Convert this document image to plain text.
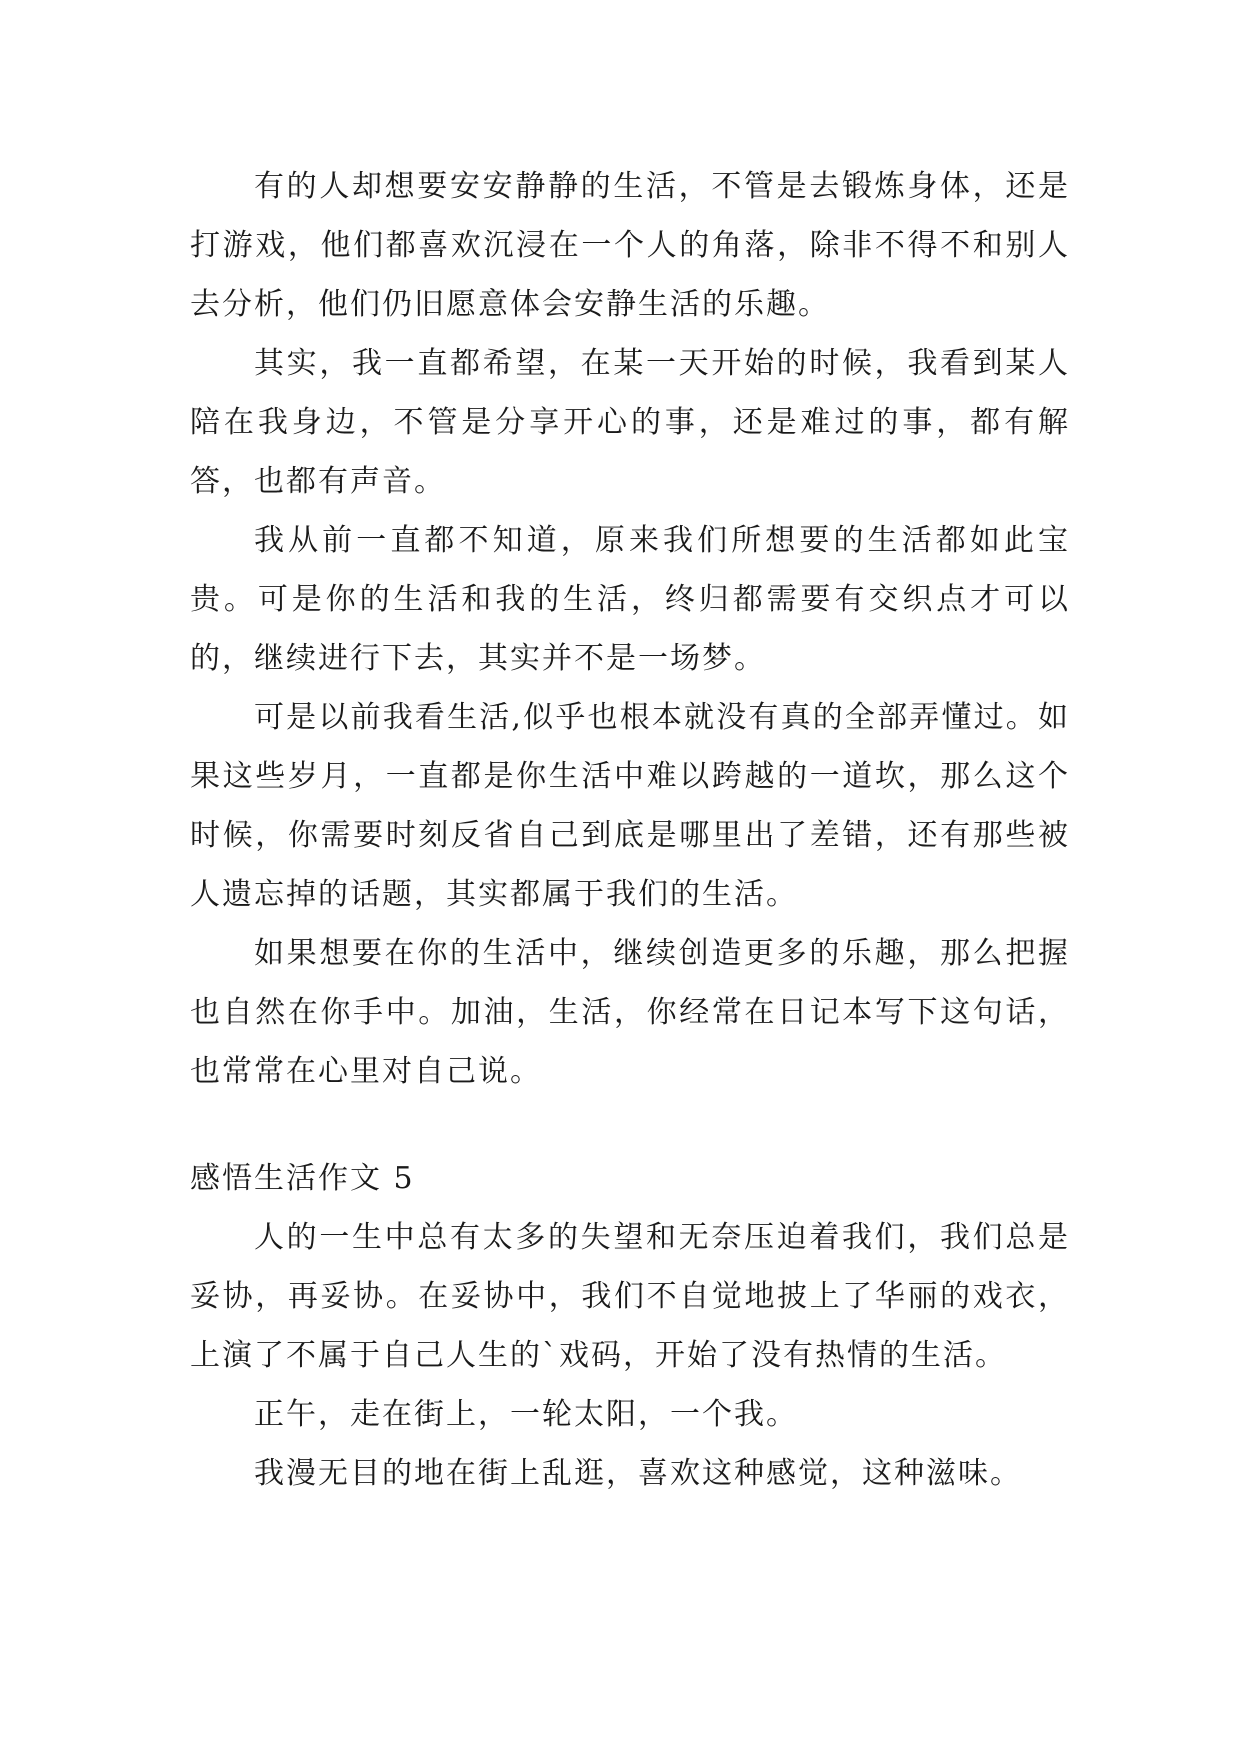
有的人却想要安安静静的生活，不管是去锻炼身体，还是打游戏，他们都喜欢沉浸在一个人的角落，除非不得不和别人去分析，他们仍旧愿意体会安静生活的乐趣。

其实，我一直都希望，在某一天开始的时候，我看到某人陪在我身边，不管是分享开心的事，还是难过的事，都有解答，也都有声音。

我从前一直都不知道，原来我们所想要的生活都如此宝贵。可是你的生活和我的生活，终归都需要有交织点才可以的，继续进行下去，其实并不是一场梦。

可是以前我看生活,似乎也根本就没有真的全部弄懂过。如果这些岁月，一直都是你生活中难以跨越的一道坎，那么这个时候，你需要时刻反省自己到底是哪里出了差错，还有那些被人遗忘掉的话题，其实都属于我们的生活。

如果想要在你的生活中，继续创造更多的乐趣，那么把握也自然在你手中。加油，生活，你经常在日记本写下这句话，也常常在心里对自己说。

感悟生活作文 5

人的一生中总有太多的失望和无奈压迫着我们，我们总是妥协，再妥协。在妥协中，我们不自觉地披上了华丽的戏衣，上演了不属于自己人生的`戏码，开始了没有热情的生活。

正午，走在街上，一轮太阳，一个我。

我漫无目的地在街上乱逛，喜欢这种感觉，这种滋味。
